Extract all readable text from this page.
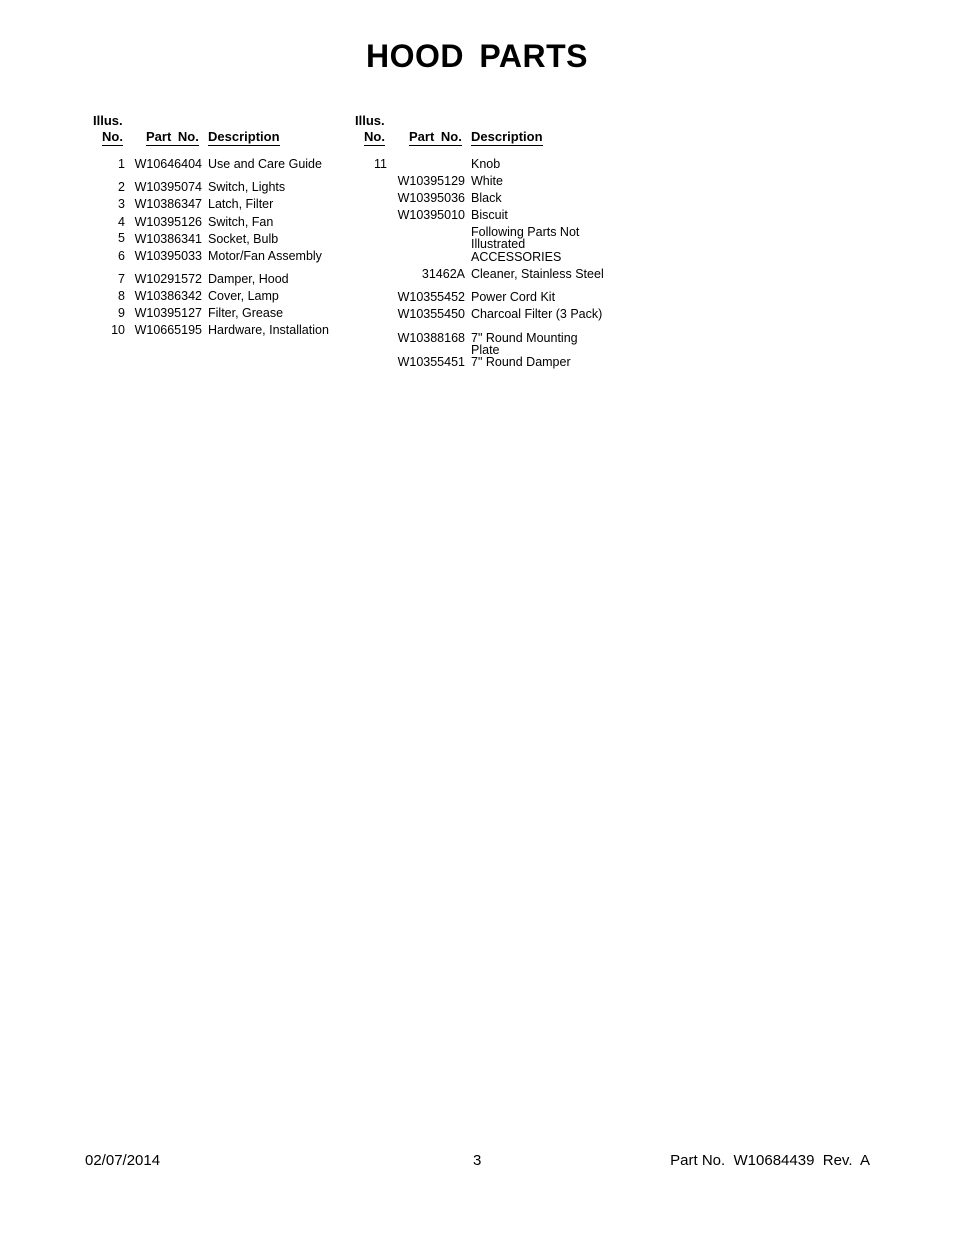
HOOD PARTS
Illus.
No. Part No. Description
Illus.
No. Part No. Description
1 W10646404 Use and Care Guide
2 W10395074 Switch, Lights
3 W10386347 Latch, Filter
4 W10395126 Switch, Fan
5 W10386341 Socket, Bulb
6 W10395033 Motor/Fan Assembly
7 W10291572 Damper, Hood
8 W10386342 Cover, Lamp
9 W10395127 Filter, Grease
10 W10665195 Hardware, Installation
11	Knob
W10395129 White
W10395036 Black
W10395010 Biscuit
Following Parts Not Illustrated
ACCESSORIES
31462A Cleaner, Stainless Steel
W10355452 Power Cord Kit
W10355450 Charcoal Filter (3 Pack)
W10388168 7" Round Mounting Plate
W10355451 7" Round Damper
02/07/2014	3	Part No.  W10684439  Rev.  A
